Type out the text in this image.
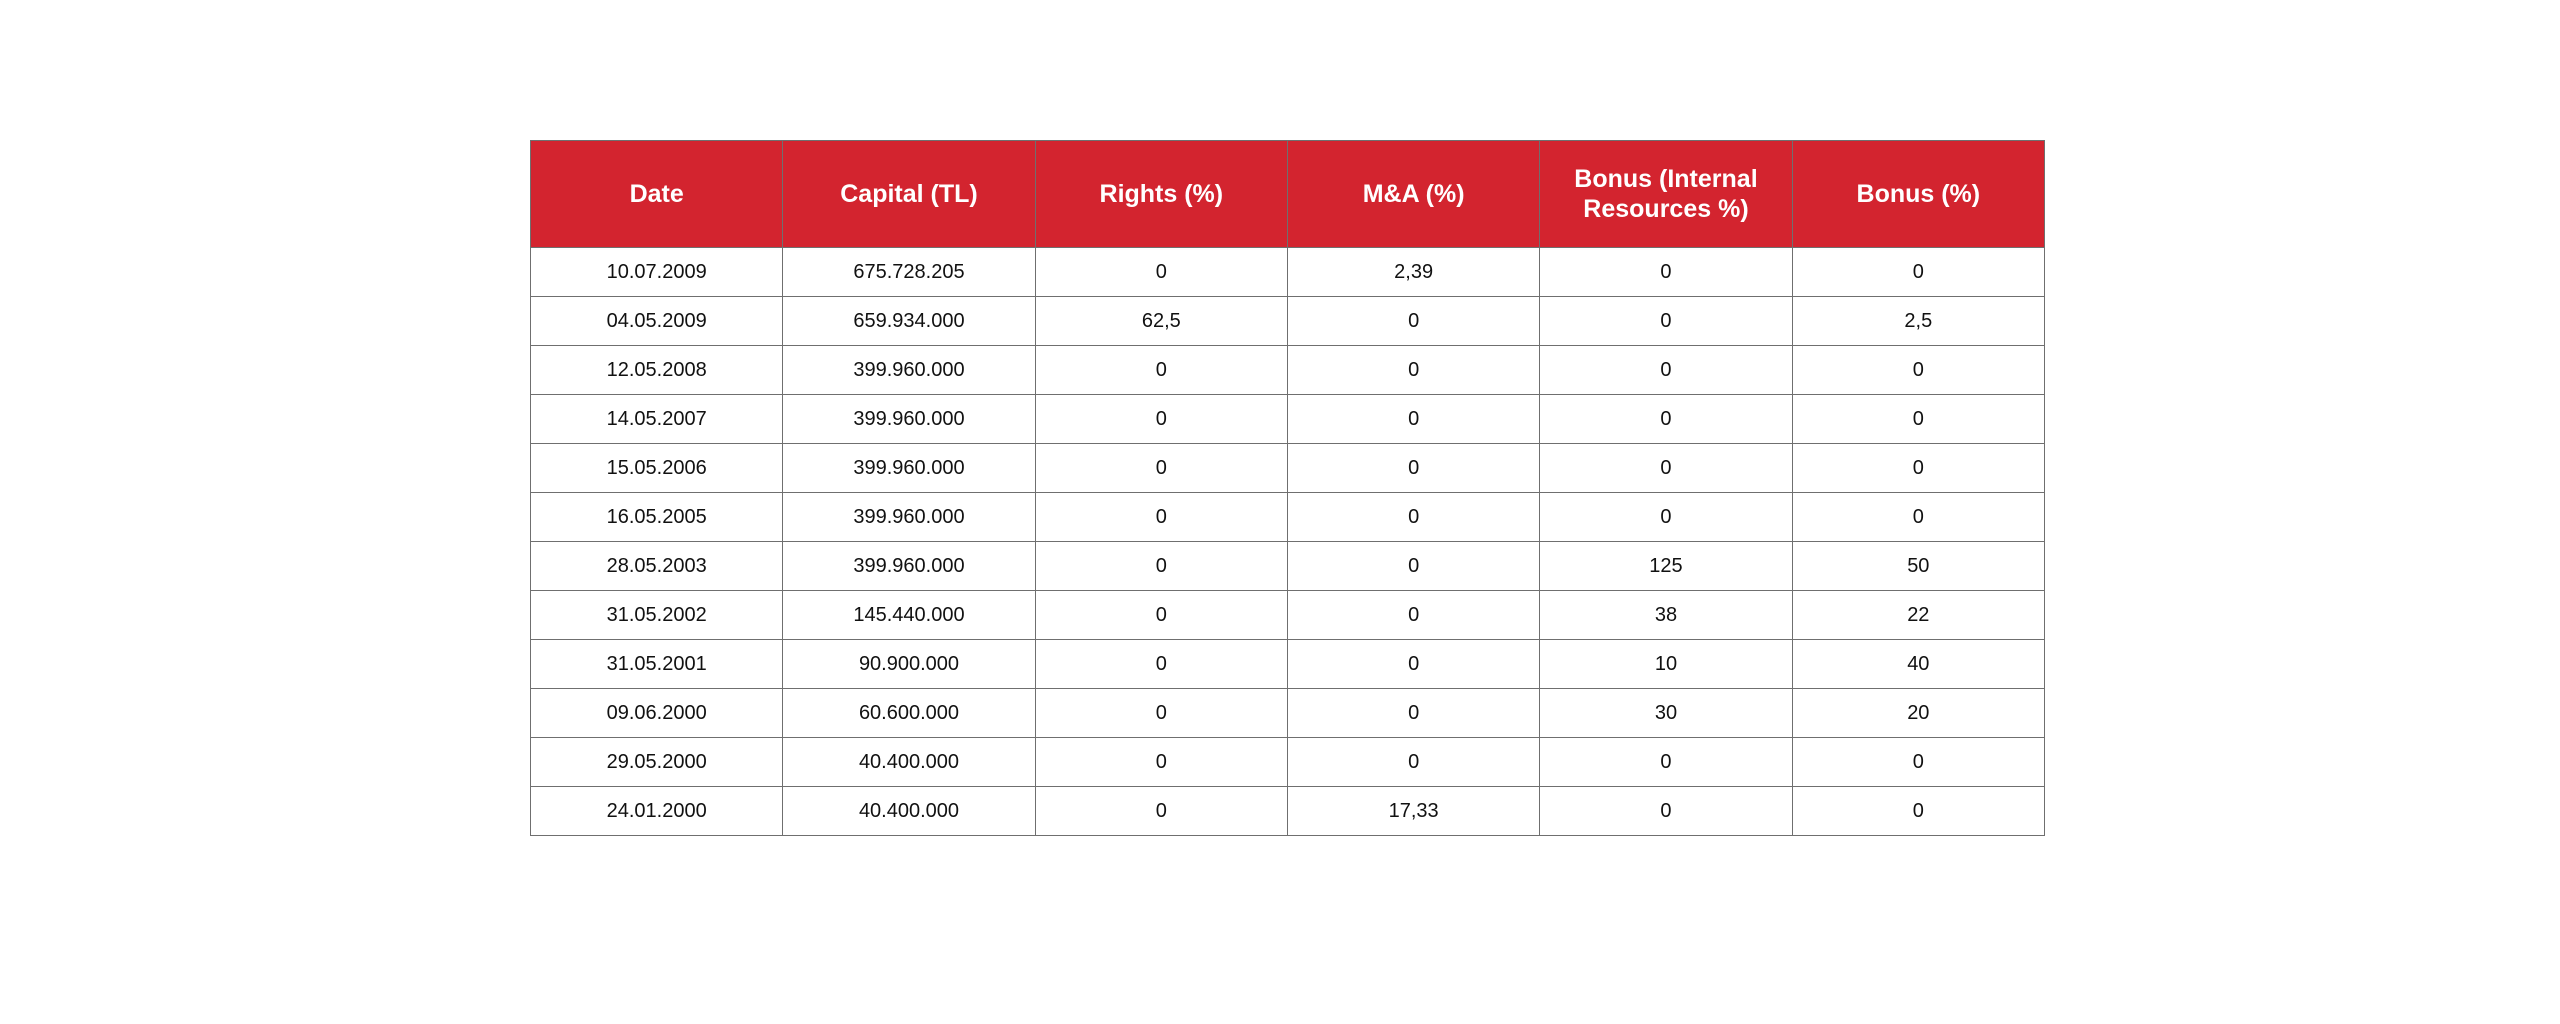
Date	Capital (TL)	Rights (%)	M&A (%)	Bonus (Internal Resources %)	Bonus (%)
10.07.2009	675.728.205	0	2,39	0	0
04.05.2009	659.934.000	62,5	0	0	2,5
12.05.2008	399.960.000	0	0	0	0
14.05.2007	399.960.000	0	0	0	0
15.05.2006	399.960.000	0	0	0	0
16.05.2005	399.960.000	0	0	0	0
28.05.2003	399.960.000	0	0	125	50
31.05.2002	145.440.000	0	0	38	22
31.05.2001	90.900.000	0	0	10	40
09.06.2000	60.600.000	0	0	30	20
29.05.2000	40.400.000	0	0	0	0
24.01.2000	40.400.000	0	17,33	0	0
